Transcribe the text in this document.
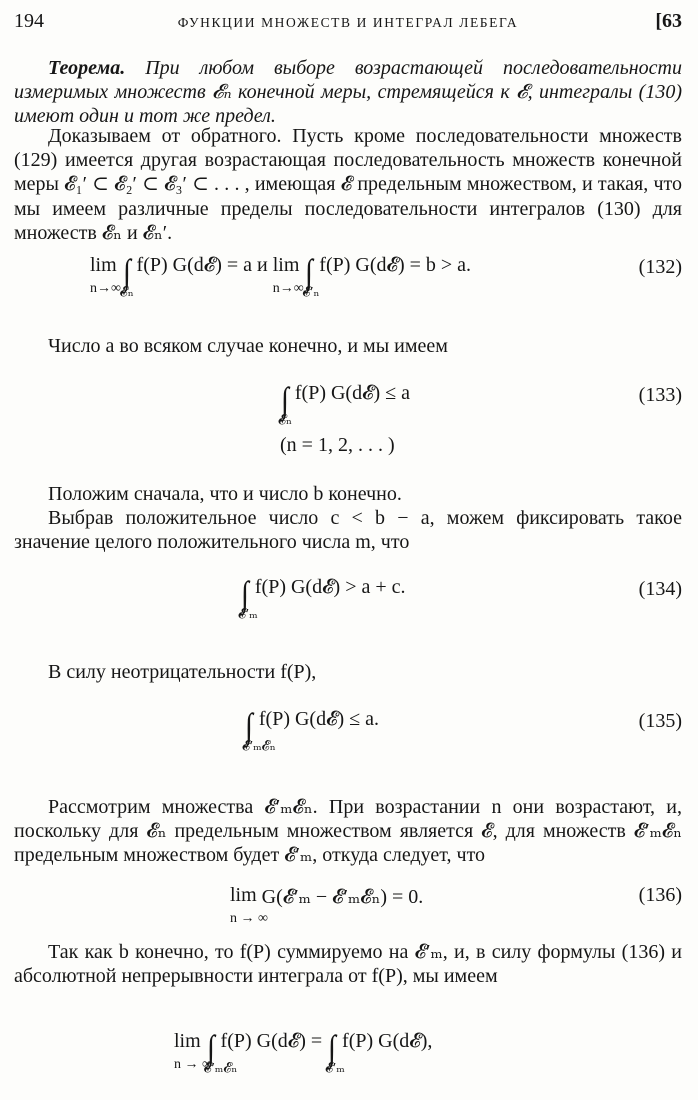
194	ФУНКЦИИ МНОЖЕСТВ И ИНТЕГРАЛ ЛЕБЕГА	[63

Теорема. При любом выборе возрастающей последовательности измеримых множеств 𝓔ₙ конечной меры, стремящейся к 𝓔, интегралы (130) имеют один и тот же предел.

Доказываем от обратного. Пусть кроме последовательности множеств (129) имеется другая возрастающая последовательность множеств конечной меры 𝓔₁′ ⊂ 𝓔₂′ ⊂ 𝓔₃′ ⊂ . . . , имеющая 𝓔 предельным множеством, и такая, что мы имеем различные пределы последовательности интегралов (130) для множеств 𝓔ₙ и 𝓔ₙ′.

lim
n→∞ ∫
𝓔ₙ
f(P) G(d𝓔) = a и lim
n→∞ ∫
𝓔′ₙ
f(P) G(d𝓔) = b > a.	(132)

Число a во всяком случае конечно, и мы имеем

∫
𝓔ₙ
f(P) G(d𝓔) ≤ a
(n = 1, 2, . . . )
(133)

Положим сначала, что и число b конечно.

Выбрав положительное число c < b − a, можем фиксировать такое значение целого положительного числа m, что

∫
𝓔′ₘ
f(P) G(d𝓔) > a + c.	(134)

В силу неотрицательности f(P),

∫
𝓔′ₘ𝓔ₙ
f(P) G(d𝓔) ≤ a.	(135)

Рассмотрим множества 𝓔′ₘ𝓔ₙ. При возрастании n они возрастают, и, поскольку для 𝓔ₙ предельным множеством является 𝓔, для множеств 𝓔′ₘ𝓔ₙ предельным множеством будет 𝓔′ₘ, откуда следует, что

lim
n → ∞
G(𝓔′ₘ − 𝓔′ₘ𝓔ₙ) = 0.	(136)

Так как b конечно, то f(P) суммируемо на 𝓔′ₘ, и, в силу формулы (136) и абсолютной непрерывности интеграла от f(P), мы имеем

lim
n → ∞
∫
𝓔′ₘ𝓔ₙ
f(P) G(d𝓔) = ∫
𝓔′ₘ
f(P) G(d𝓔),
